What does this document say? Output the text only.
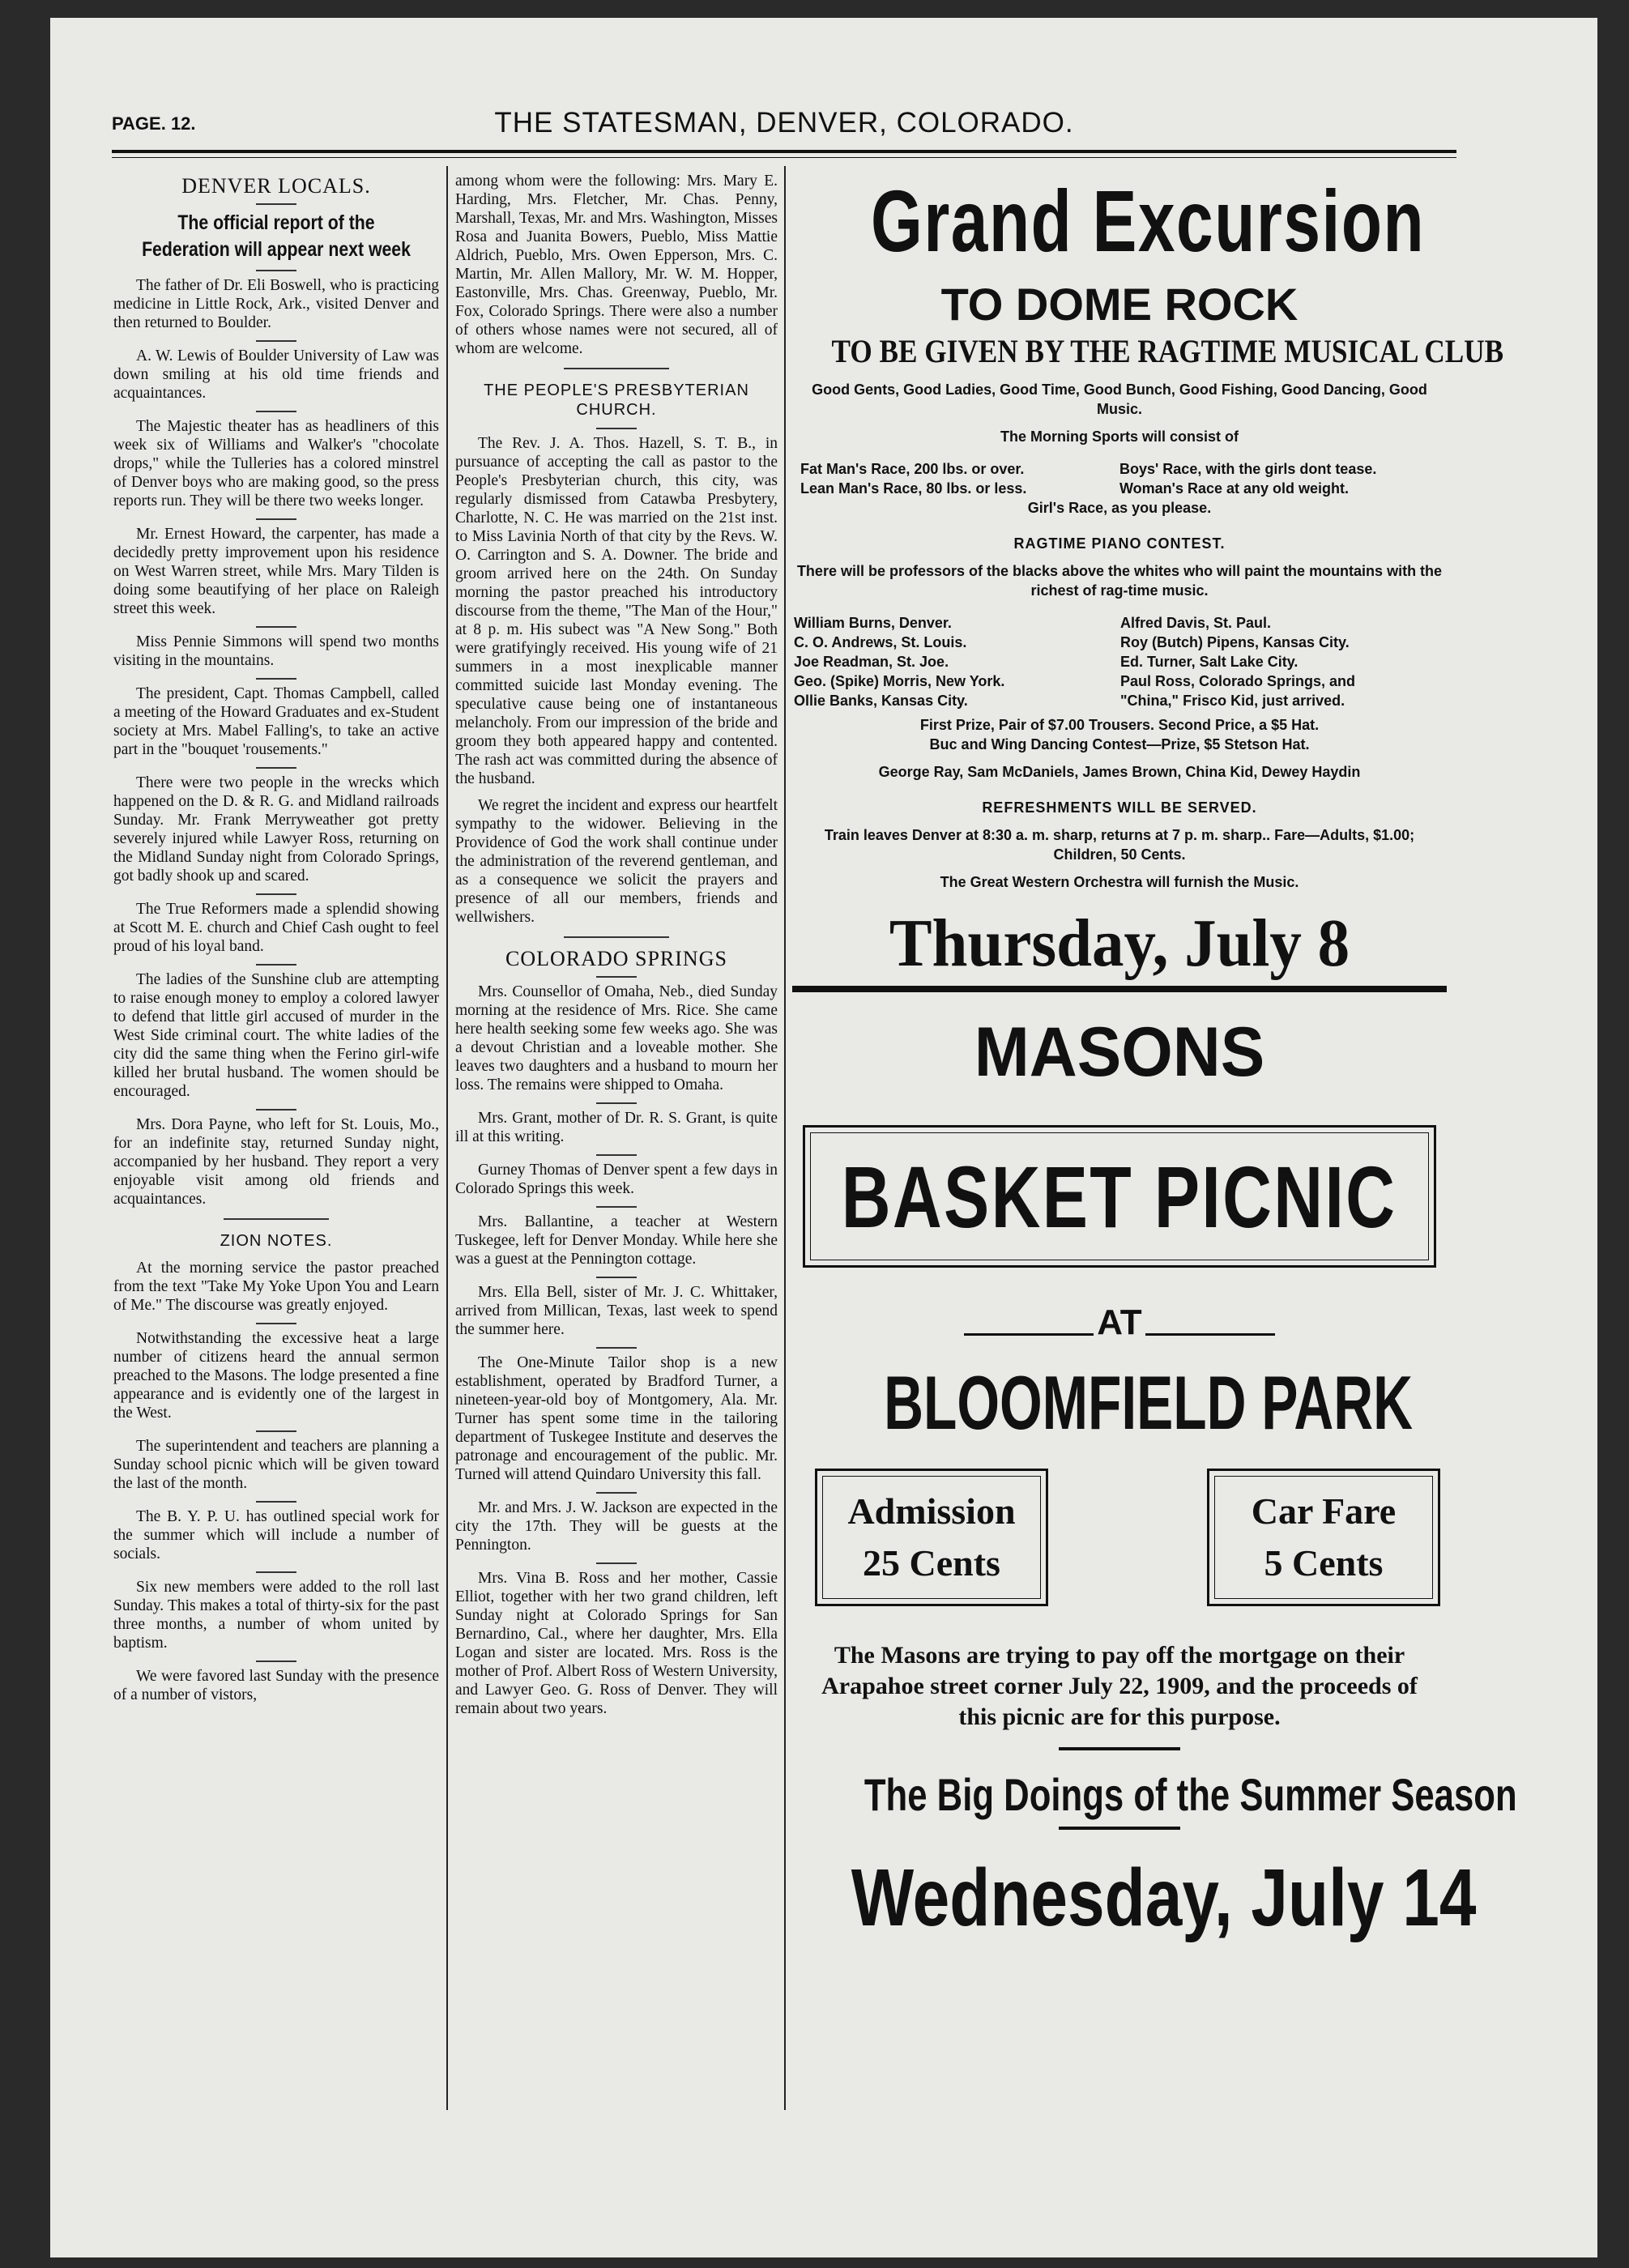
PAGE. 12.	THE STATESMAN, DENVER, COLORADO.
DENVER LOCALS.
The official report of the Federation will appear next week

The father of Dr. Eli Boswell, who is practicing medicine in Little Rock, Ark., visited Denver and then returned to Boulder.

A. W. Lewis of Boulder University of Law was down smiling at his old time friends and acquaintances.

The Majestic theater has as headliners of this week six of Williams and Walker's "chocolate drops," while the Tulleries has a colored minstrel of Denver boys who are making good, so the press reports run. They will be there two weeks longer.

Mr. Ernest Howard, the carpenter, has made a decidedly pretty improvement upon his residence on West Warren street, while Mrs. Mary Tilden is doing some beautifying of her place on Raleigh street this week.

Miss Pennie Simmons will spend two months visiting in the mountains.

The president, Capt. Thomas Campbell, called a meeting of the Howard Graduates and ex-Student society at Mrs. Mabel Falling's, to take an active part in the "bouquet 'rousements."

There were two people in the wrecks which happened on the D. & R. G. and Midland railroads Sunday. Mr. Frank Merryweather got pretty severely injured while Lawyer Ross, returning on the Midland Sunday night from Colorado Springs, got badly shook up and scared.

The True Reformers made a splendid showing at Scott M. E. church and Chief Cash ought to feel proud of his loyal band.

The ladies of the Sunshine club are attempting to raise enough money to employ a colored lawyer to defend that little girl accused of murder in the West Side criminal court. The white ladies of the city did the same thing when the Ferino girl-wife killed her brutal husband. The women should be encouraged.

Mrs. Dora Payne, who left for St. Louis, Mo., for an indefinite stay, returned Sunday night, accompanied by her husband. They report a very enjoyable visit among old friends and acquaintances.

ZION NOTES.

At the morning service the pastor preached from the text "Take My Yoke Upon You and Learn of Me." The discourse was greatly enjoyed.

Notwithstanding the excessive heat a large number of citizens heard the annual sermon preached to the Masons. The lodge presented a fine appearance and is evidently one of the largest in the West.

The superintendent and teachers are planning a Sunday school picnic which will be given toward the last of the month.

The B. Y. P. U. has outlined special work for the summer which will include a number of socials.

Six new members were added to the roll last Sunday. This makes a total of thirty-six for the past three months, a number of whom united by baptism.

We were favored last Sunday with the presence of a number of vistors,

among whom were the following: Mrs. Mary E. Harding, Mrs. Fletcher, Mr. Chas. Penny, Marshall, Texas, Mr. and Mrs. Washington, Misses Rosa and Juanita Bowers, Pueblo, Miss Mattie Aldrich, Pueblo, Mrs. Owen Epperson, Mrs. C. Martin, Mr. Allen Mallory, Mr. W. M. Hopper, Eastonville, Mrs. Chas. Greenway, Pueblo, Mr. Fox, Colorado Springs. There were also a number of others whose names were not secured, all of whom are welcome.

THE PEOPLE'S PRESBYTERIAN CHURCH.

The Rev. J. A. Thos. Hazell, S. T. B., in pursuance of accepting the call as pastor to the People's Presbyterian church, this city, was regularly dismissed from Catawba Presbytery, Charlotte, N. C. He was married on the 21st inst. to Miss Lavinia North of that city by the Revs. W. O. Carrington and S. A. Downer. The bride and groom arrived here on the 24th. On Sunday morning the pastor preached his introductory discourse from the theme, "The Man of the Hour," at 8 p. m. His subect was "A New Song." Both were gratifyingly received. His young wife of 21 summers in a most inexplicable manner committed suicide last Monday evening. The speculative cause being one of instantaneous melancholy. From our impression of the bride and groom they both appeared happy and contented. The rash act was committed during the absence of the husband.

We regret the incident and express our heartfelt sympathy to the widower. Believing in the Providence of God the work shall continue under the administration of the reverend gentleman, and as a consequence we solicit the prayers and presence of all our members, friends and wellwishers.

COLORADO SPRINGS

Mrs. Counsellor of Omaha, Neb., died Sunday morning at the residence of Mrs. Rice. She came here health seeking some few weeks ago. She was a devout Christian and a loveable mother. She leaves two daughters and a husband to mourn her loss. The remains were shipped to Omaha.

Mrs. Grant, mother of Dr. R. S. Grant, is quite ill at this writing.

Gurney Thomas of Denver spent a few days in Colorado Springs this week.

Mrs. Ballantine, a teacher at Western Tuskegee, left for Denver Monday. While here she was a guest at the Pennington cottage.

Mrs. Ella Bell, sister of Mr. J. C. Whittaker, arrived from Millican, Texas, last week to spend the summer here.

The One-Minute Tailor shop is a new establishment, operated by Bradford Turner, a nineteen-year-old boy of Montgomery, Ala. Mr. Turner has spent some time in the tailoring department of Tuskegee Institute and deserves the patronage and encouragement of the public. Mr. Turned will attend Quindaro University this fall.

Mr. and Mrs. J. W. Jackson are expected in the city the 17th. They will be guests at the Pennington.

Mrs. Vina B. Ross and her mother, Cassie Elliot, together with her two grand children, left Sunday night at Colorado Springs for San Bernardino, Cal., where her daughter, Mrs. Ella Logan and sister are located. Mrs. Ross is the mother of Prof. Albert Ross of Western University, and Lawyer Geo. G. Ross of Denver. They will remain about two years.

Grand Excursion
TO DOME ROCK
TO BE GIVEN BY THE RAGTIME MUSICAL CLUB
Good Gents, Good Ladies, Good Time, Good Bunch, Good Fishing, Good Dancing, Good Music.
The Morning Sports will consist of
Fat Man's Race, 200 lbs. or over.	Boys' Race, with the girls dont tease.
Lean Man's Race, 80 lbs. or less.	Woman's Race at any old weight.
Girl's Race, as you please.
RAGTIME PIANO CONTEST.
There will be professors of the blacks above the whites who will paint the mountains with the richest of rag-time music.
William Burns, Denver.	Alfred Davis, St. Paul.
C. O. Andrews, St. Louis.	Roy (Butch) Pipens, Kansas City.
Joe Readman, St. Joe.	Ed. Turner, Salt Lake City.
Geo. (Spike) Morris, New York.	Paul Ross, Colorado Springs, and
Ollie Banks, Kansas City.	"China," Frisco Kid, just arrived.
First Prize, Pair of $7.00 Trousers. Second Price, a $5 Hat.
Buc and Wing Dancing Contest—Prize, $5 Stetson Hat.
George Ray, Sam McDaniels, James Brown, China Kid, Dewey Haydin
REFRESHMENTS WILL BE SERVED.
Train leaves Denver at 8:30 a. m. sharp, returns at 7 p. m. sharp.. Fare—Adults, $1.00; Children, 50 Cents.
The Great Western Orchestra will furnish the Music.
Thursday, July 8
MASONS
BASKET PICNIC
AT
BLOOMFIELD PARK
Admission
25 Cents
Car Fare
5 Cents
The Masons are trying to pay off the mortgage on their Arapahoe street corner July 22, 1909, and the proceeds of this picnic are for this purpose.
The Big Doings of the Summer Season
Wednesday, July 14
